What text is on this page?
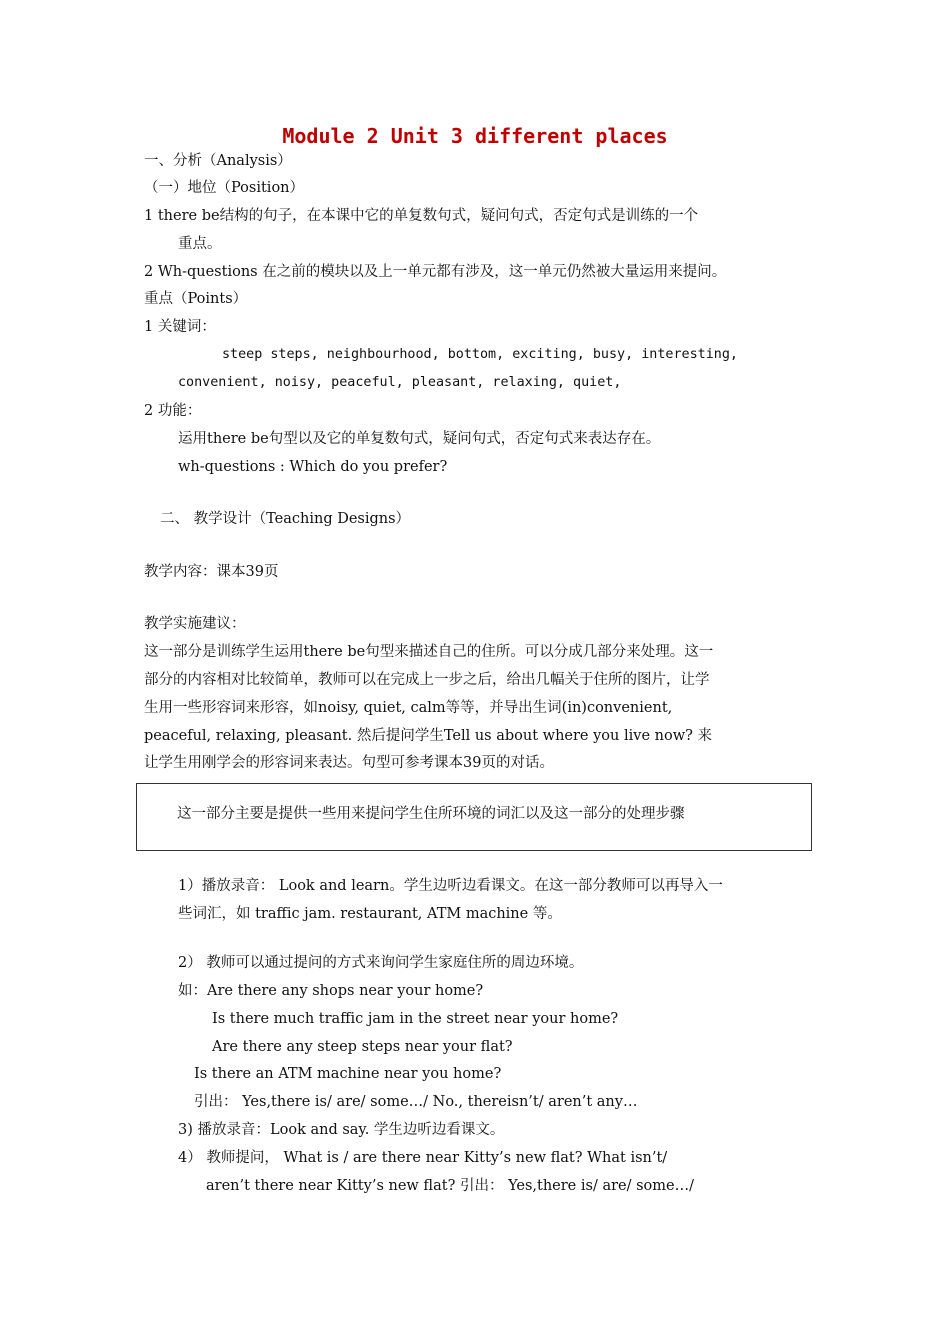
Module 2 Unit 3 different places
一、分析（Analysis）
（一）地位（Position）
1 there be结构的句子，在本课中它的单复数句式，疑问句式，否定句式是训练的一个
重点。
2 Wh-questions 在之前的模块以及上一单元都有涉及，这一单元仍然被大量运用来提问。
重点（Points）
1 关键词：
steep steps, neighbourhood, bottom, exciting, busy, interesting,
convenient, noisy, peaceful, pleasant, relaxing, quiet,
2 功能：
运用there be句型以及它的单复数句式，疑问句式，否定句式来表达存在。
wh-questions : Which do you prefer?
二、 教学设计（Teaching Designs）
教学内容：课本39页
教学实施建议：
这一部分是训练学生运用there be句型来描述自己的住所。可以分成几部分来处理。这一
部分的内容相对比较简单，教师可以在完成上一步之后，给出几幅关于住所的图片，让学
生用一些形容词来形容，如noisy, quiet, calm等等，并导出生词(in)convenient,
peaceful, relaxing, pleasant. 然后提问学生Tell us about where you live now? 来
让学生用刚学会的形容词来表达。句型可参考课本39页的对话。
这一部分主要是提供一些用来提问学生住所环境的词汇以及这一部分的处理步骤
1）播放录音： Look and learn。学生边听边看课文。在这一部分教师可以再导入一
些词汇，如 traffic jam. restaurant, ATM machine 等。
2） 教师可以通过提问的方式来询问学生家庭住所的周边环境。
如：Are there any shops near your home?
Is there much traffic jam in the street near your home?
Are there any steep steps near your flat?
Is there an ATM machine near you home?
引出： Yes,there is/ are/ some…/ No., thereisn’t/ aren’t any…
3) 播放录音：Look and say. 学生边听边看课文。
4） 教师提问， What is / are there near Kitty’s new flat? What isn’t/
aren’t there near Kitty’s new flat? 引出： Yes,there is/ are/ some…/
